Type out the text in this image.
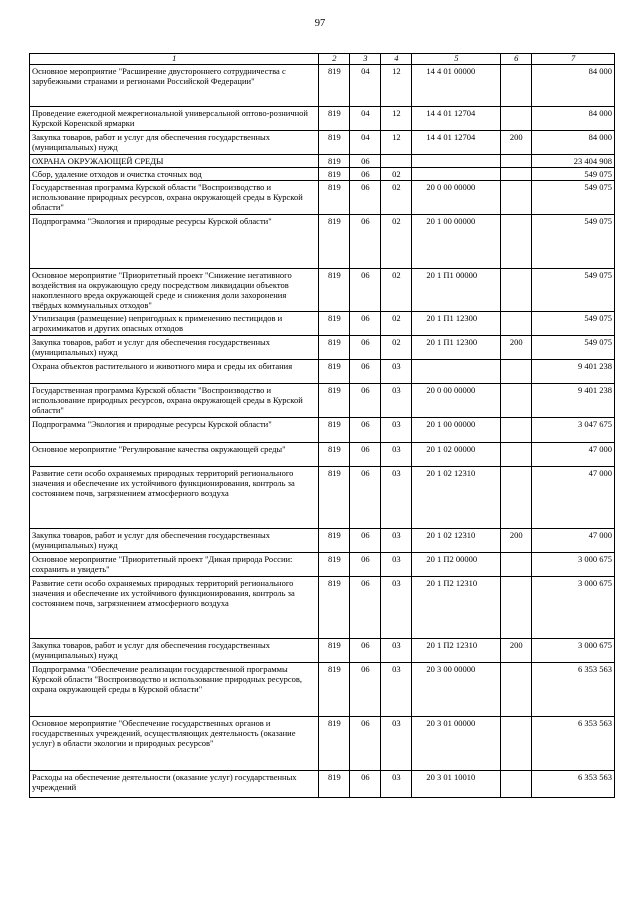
97
1	2	3	4	5	6	7
Основное мероприятие "Расширение двустороннего сотрудничества с зарубежными странами и регионами Российской Федерации"	819	04	12	14 4 01 00000		84 000
Проведение ежегодной межрегиональной универсальной оптово-розничной Курской Коренской ярмарки	819	04	12	14 4 01 12704		84 000
Закупка товаров, работ и услуг для обеспечения государственных (муниципальных) нужд	819	04	12	14 4 01 12704	200	84 000
ОХРАНА ОКРУЖАЮЩЕЙ СРЕДЫ	819	06				23 404 908
Сбор, удаление отходов и очистка сточных вод	819	06	02			549 075
Государственная программа Курской области "Воспроизводство и использование природных ресурсов, охрана окружающей среды в Курской области"	819	06	02	20 0 00 00000		549 075
Подпрограмма "Экология и природные ресурсы Курской области"	819	06	02	20 1 00 00000		549 075
Основное мероприятие "Приоритетный проект "Снижение негативного воздействия на окружающую среду посредством ликвидации объектов накопленного вреда окружающей среде и снижения доли захоронения твёрдых коммунальных отходов"	819	06	02	20 1 П1 00000		549 075
Утилизация (размещение) непригодных к применению пестицидов и агрохимикатов и других опасных отходов	819	06	02	20 1 П1 12300		549 075
Закупка товаров, работ и услуг для обеспечения государственных (муниципальных) нужд	819	06	02	20 1 П1 12300	200	549 075
Охрана объектов растительного и животного мира и среды их обитания	819	06	03			9 401 238
Государственная программа Курской области "Воспроизводство и использование природных ресурсов, охрана окружающей среды в Курской области"	819	06	03	20 0 00 00000		9 401 238
Подпрограмма "Экология и природные ресурсы Курской области"	819	06	03	20 1 00 00000		3 047 675
Основное мероприятие "Регулирование качества окружающей среды"	819	06	03	20 1 02 00000		47 000
Развитие сети особо охраняемых природных территорий регионального значения и обеспечение их устойчивого функционирования, контроль за состоянием почв, загрязнением атмосферного воздуха	819	06	03	20 1 02 12310		47 000
Закупка товаров, работ и услуг для обеспечения государственных (муниципальных) нужд	819	06	03	20 1 02 12310	200	47 000
Основное мероприятие "Приоритетный проект "Дикая природа России: сохранить и увидеть"	819	06	03	20 1 П2 00000		3 000 675
Развитие сети особо охраняемых природных территорий регионального значения и обеспечение их устойчивого функционирования, контроль за состоянием почв, загрязнением атмосферного воздуха	819	06	03	20 1 П2 12310		3 000 675
Закупка товаров, работ и услуг для обеспечения государственных (муниципальных) нужд	819	06	03	20 1 П2 12310	200	3 000 675
Подпрограмма "Обеспечение реализации государственной программы Курской области "Воспроизводство и использование природных ресурсов, охрана окружающей среды в Курской области"	819	06	03	20 3 00 00000		6 353 563
Основное мероприятие "Обеспечение государственных органов и государственных учреждений, осуществляющих деятельность (оказание услуг) в области экологии и природных ресурсов"	819	06	03	20 3 01 00000		6 353 563
Расходы на обеспечение деятельности (оказание услуг) государственных учреждений	819	06	03	20 3 01 10010		6 353 563
